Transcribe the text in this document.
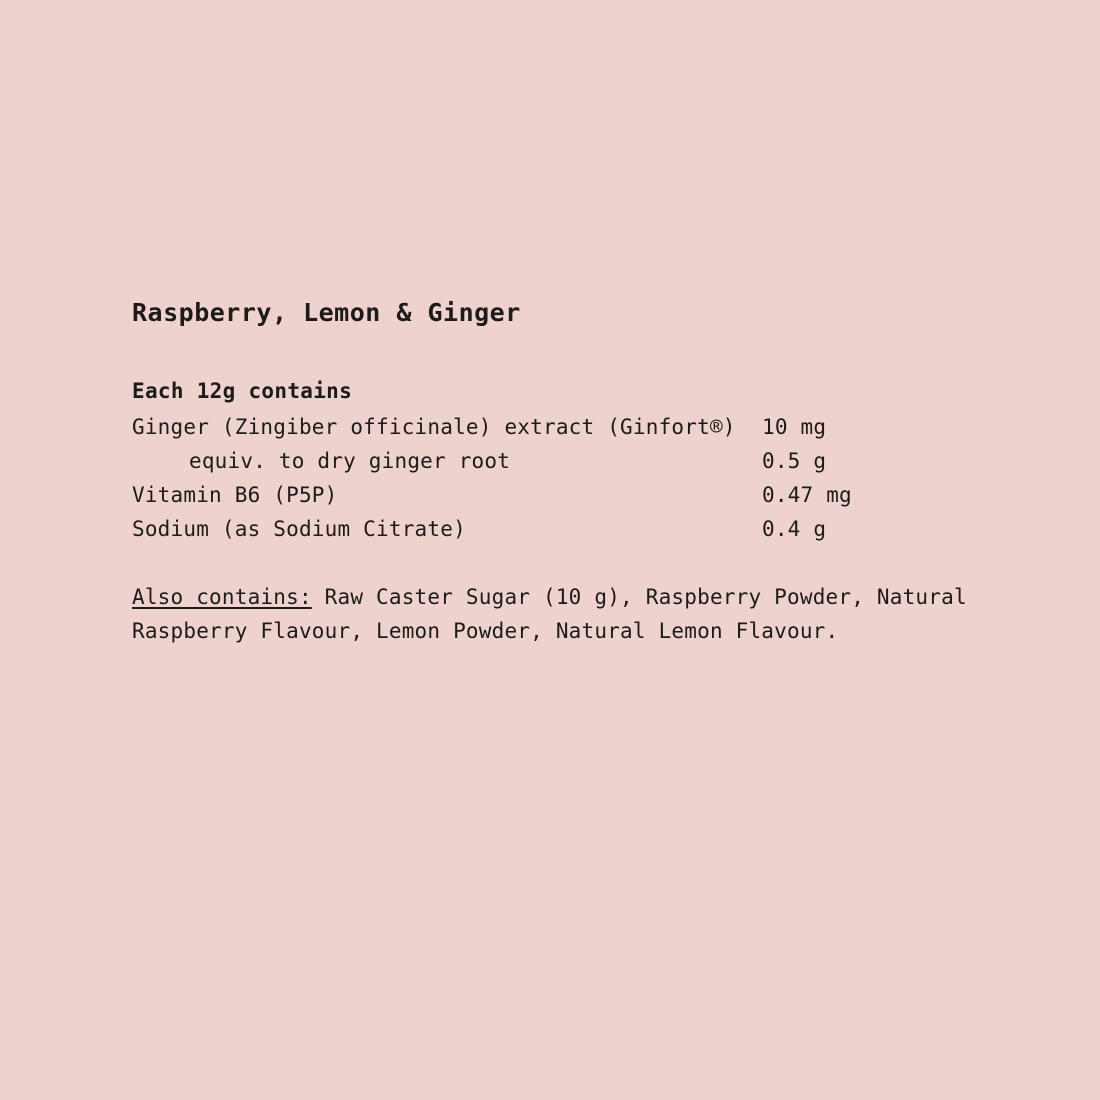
Raspberry, Lemon & Ginger
Each 12g contains
Ginger (Zingiber officinale) extract (Ginfort®)	10 mg
equiv. to dry ginger root	0.5 g
Vitamin B6 (P5P)	0.47 mg
Sodium (as Sodium Citrate)	0.4 g

Also contains: Raw Caster Sugar (10 g), Raspberry Powder, Natural Raspberry Flavour, Lemon Powder, Natural Lemon Flavour.
